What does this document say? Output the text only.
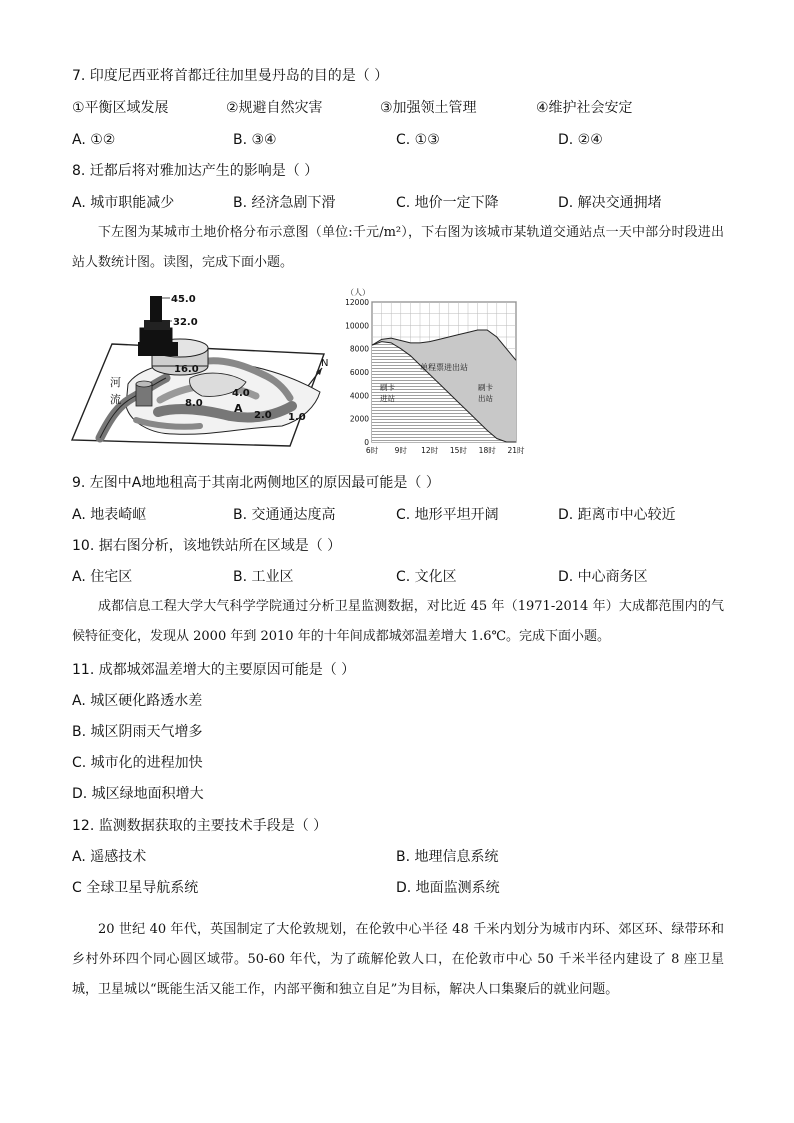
7. 印度尼西亚将首都迁往加里曼丹岛的目的是（ ）
①平衡区域发展	②规避自然灾害	③加强领土管理	④维护社会安定
A. ①②	B. ③④	C. ①③	D. ②④
8. 迁都后将对雅加达产生的影响是（ ）
A. 城市职能减少	B. 经济急剧下滑	C. 地价一定下降	D. 解决交通拥堵
下左图为某城市土地价格分布示意图（单位:千元/m²），下右图为该城市某轨道交通站点一天中部分时段进出站人数统计图。读图，完成下面小题。
45.0
32.0
16.0
8.0
4.0
2.0 1.0
A
河
流
N
（人）
0
2000
4000
6000
8000
10000
12000
6时 9时 12时 15时 18时 21时
单程票进出站
刷卡
进站
刷卡
出站
9. 左图中A地地租高于其南北两侧地区的原因最可能是（ ）
A. 地表崎岖	B. 交通通达度高	C. 地形平坦开阔	D. 距离市中心较近
10. 据右图分析，该地铁站所在区域是（ ）
A. 住宅区	B. 工业区	C. 文化区	D. 中心商务区
成都信息工程大学大气科学学院通过分析卫星监测数据，对比近 45 年（1971-2014 年）大成都范围内的气候特征变化，发现从 2000 年到 2010 年的十年间成都城郊温差增大 1.6℃。完成下面小题。
11. 成都城郊温差增大的主要原因可能是（ ）
A. 城区硬化路透水差
B. 城区阴雨天气增多
C. 城市化的进程加快
D. 城区绿地面积增大
12. 监测数据获取的主要技术手段是（ ）
A. 遥感技术	B. 地理信息系统
C 全球卫星导航系统	D. 地面监测系统
20 世纪 40 年代，英国制定了大伦敦规划，在伦敦中心半径 48 千米内划分为城市内环、郊区环、绿带环和乡村外环四个同心圆区域带。50-60 年代，为了疏解伦敦人口，在伦敦市中心 50 千米半径内建设了 8 座卫星城，卫星城以“既能生活又能工作，内部平衡和独立自足”为目标，解决人口集聚后的就业问题。
